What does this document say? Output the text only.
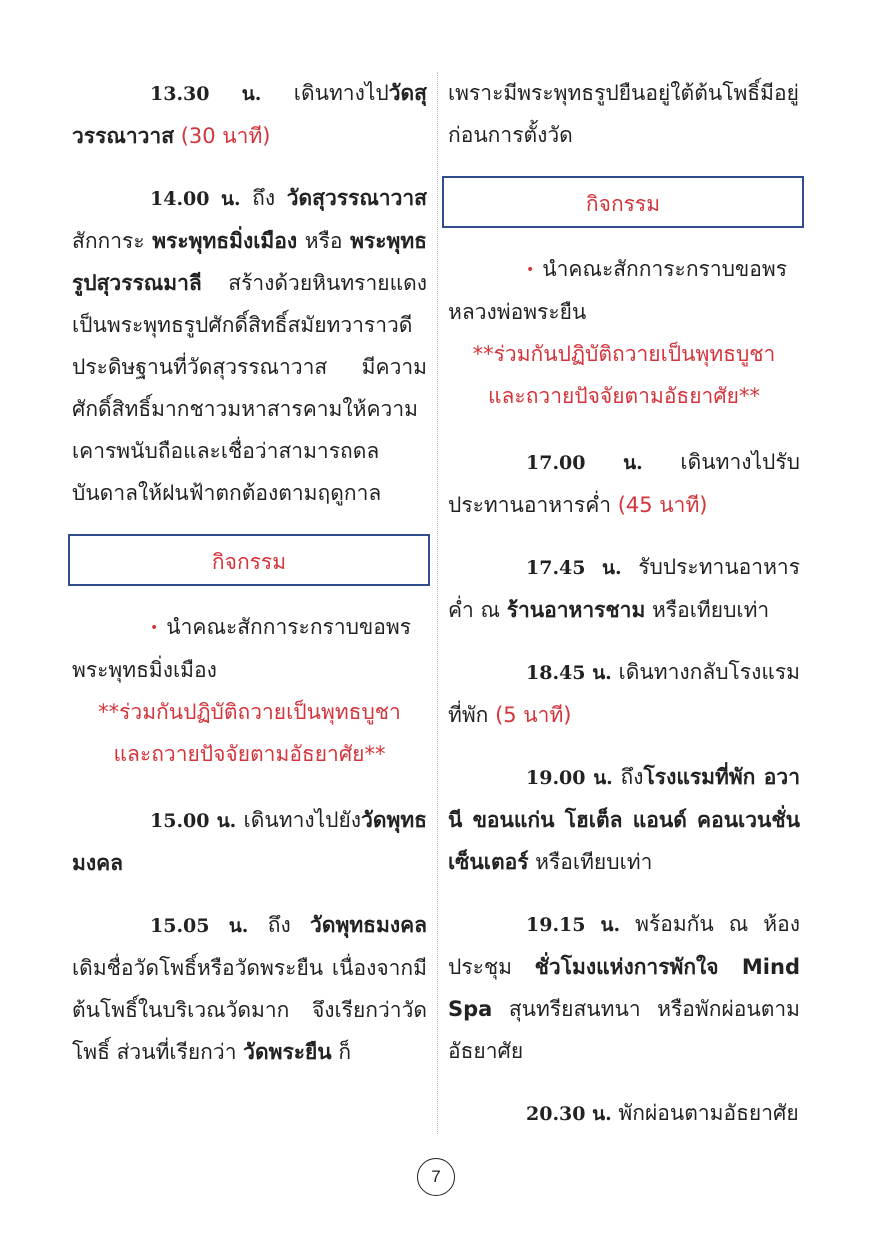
13.30 น. เดินทางไปวัดสุวรรณาวาส (30 นาที)

14.00 น. ถึง วัดสุวรรณาวาส สักการะ พระพุทธมิ่งเมือง หรือ พระพุทธรูปสุวรรณมาลี สร้างด้วยหินทรายแดง เป็นพระพุทธรูปศักดิ์สิทธิ์สมัยทวาราวดี ประดิษฐานที่วัดสุวรรณาวาส มีความศักดิ์สิทธิ์มากชาวมหาสารคามให้ความเคารพนับถือและเชื่อว่าสามารถดลบันดาลให้ฝนฟ้าตกต้องตามฤดูกาล

กิจกรรม

• นำคณะสักการะกราบขอพรพระพุทธมิ่งเมือง

**ร่วมกันปฏิบัติถวายเป็นพุทธบูชา

และถวายปัจจัยตามอัธยาศัย**

15.00 น. เดินทางไปยังวัดพุทธมงคล

15.05 น. ถึง วัดพุทธมงคล เดิมชื่อวัดโพธิ์หรือวัดพระยืน เนื่องจากมีต้นโพธิ์ในบริเวณวัดมาก จึงเรียกว่าวัดโพธิ์ ส่วนที่เรียกว่า วัดพระยืน ก็

เพราะมีพระพุทธรูปยืนอยู่ใต้ต้นโพธิ์มีอยู่ก่อนการตั้งวัด

กิจกรรม

• นำคณะสักการะกราบขอพรหลวงพ่อพระยืน

**ร่วมกันปฏิบัติถวายเป็นพุทธบูชา

และถวายปัจจัยตามอัธยาศัย**

17.00 น. เดินทางไปรับประทานอาหารค่ำ (45 นาที)

17.45 น. รับประทานอาหารค่ำ ณ ร้านอาหารชาม หรือเทียบเท่า

18.45 น. เดินทางกลับโรงแรมที่พัก (5 นาที)

19.00 น. ถึงโรงแรมที่พัก อวานี ขอนแก่น โฮเต็ล แอนด์ คอนเวนชั่น เซ็นเตอร์ หรือเทียบเท่า

19.15 น. พร้อมกัน ณ ห้องประชุม ชั่วโมงแห่งการพักใจ Mind Spa สุนทรียสนทนา หรือพักผ่อนตามอัธยาศัย

20.30 น. พักผ่อนตามอัธยาศัย

7
